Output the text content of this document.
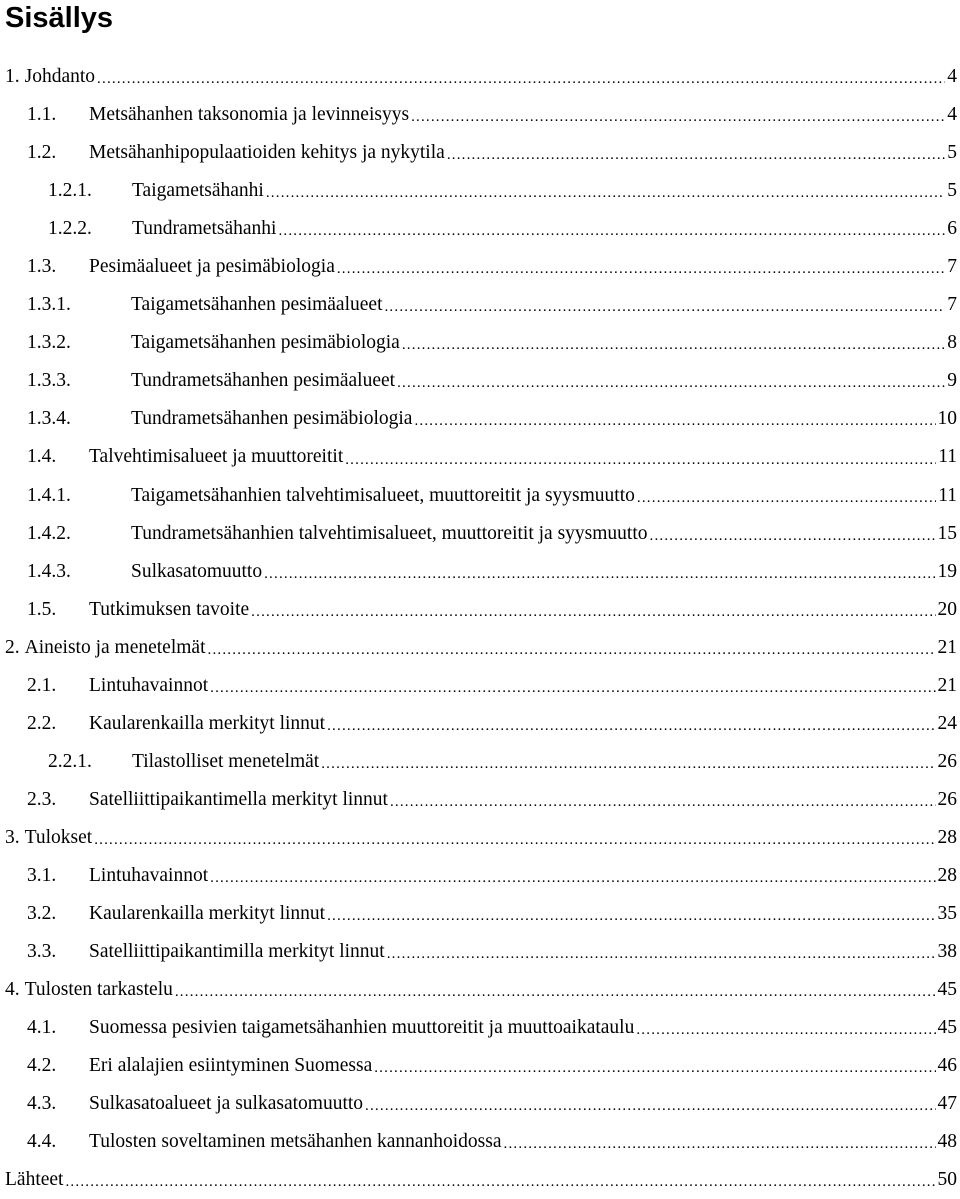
Sisällys
1. Johdanto .....	4
1.1.	Metsähanhen taksonomia ja levinneisyys .....	4
1.2.	Metsähanhipopulaatioiden kehitys ja nykytila .....	5
1.2.1.	Taigametsähanhi .....	5
1.2.2.	Tundrametsähanhi .....	6
1.3.	Pesimäalueet ja pesimäbiologia .....	7
1.3.1.	Taigametsähanhen pesimäalueet .....	7
1.3.2.	Taigametsähanhen pesimäbiologia .....	8
1.3.3.	Tundrametsähanhen pesimäalueet .....	9
1.3.4.	Tundrametsähanhen pesimäbiologia .....	10
1.4.	Talvehtimisalueet ja muuttoreitit .....	11
1.4.1.	Taigametsähanhien talvehtimisalueet, muuttoreitit ja syysmuutto .....	11
1.4.2.	Tundrametsähanhien talvehtimisalueet, muuttoreitit ja syysmuutto .....	15
1.4.3.	Sulkasatomuutto .....	19
1.5.	Tutkimuksen tavoite .....	20
2. Aineisto ja menetelmät .....	21
2.1.	Lintuhavainnot .....	21
2.2.	Kaularenkailla merkityt linnut .....	24
2.2.1.	Tilastolliset menetelmät .....	26
2.3.	Satelliittipaikantimella merkityt linnut .....	26
3. Tulokset .....	28
3.1.	Lintuhavainnot .....	28
3.2.	Kaularenkailla merkityt linnut .....	35
3.3.	Satelliittipaikantimilla merkityt linnut .....	38
4. Tulosten tarkastelu .....	45
4.1.	Suomessa pesivien taigametsähanhien muuttoreitit ja muuttoaikataulu .....	45
4.2.	Eri alalajien esiintyminen Suomessa .....	46
4.3.	Sulkasatoalueet ja sulkasatomuutto .....	47
4.4.	Tulosten soveltaminen metsähanhen kannanhoidossa .....	48
Lähteet .....	50
